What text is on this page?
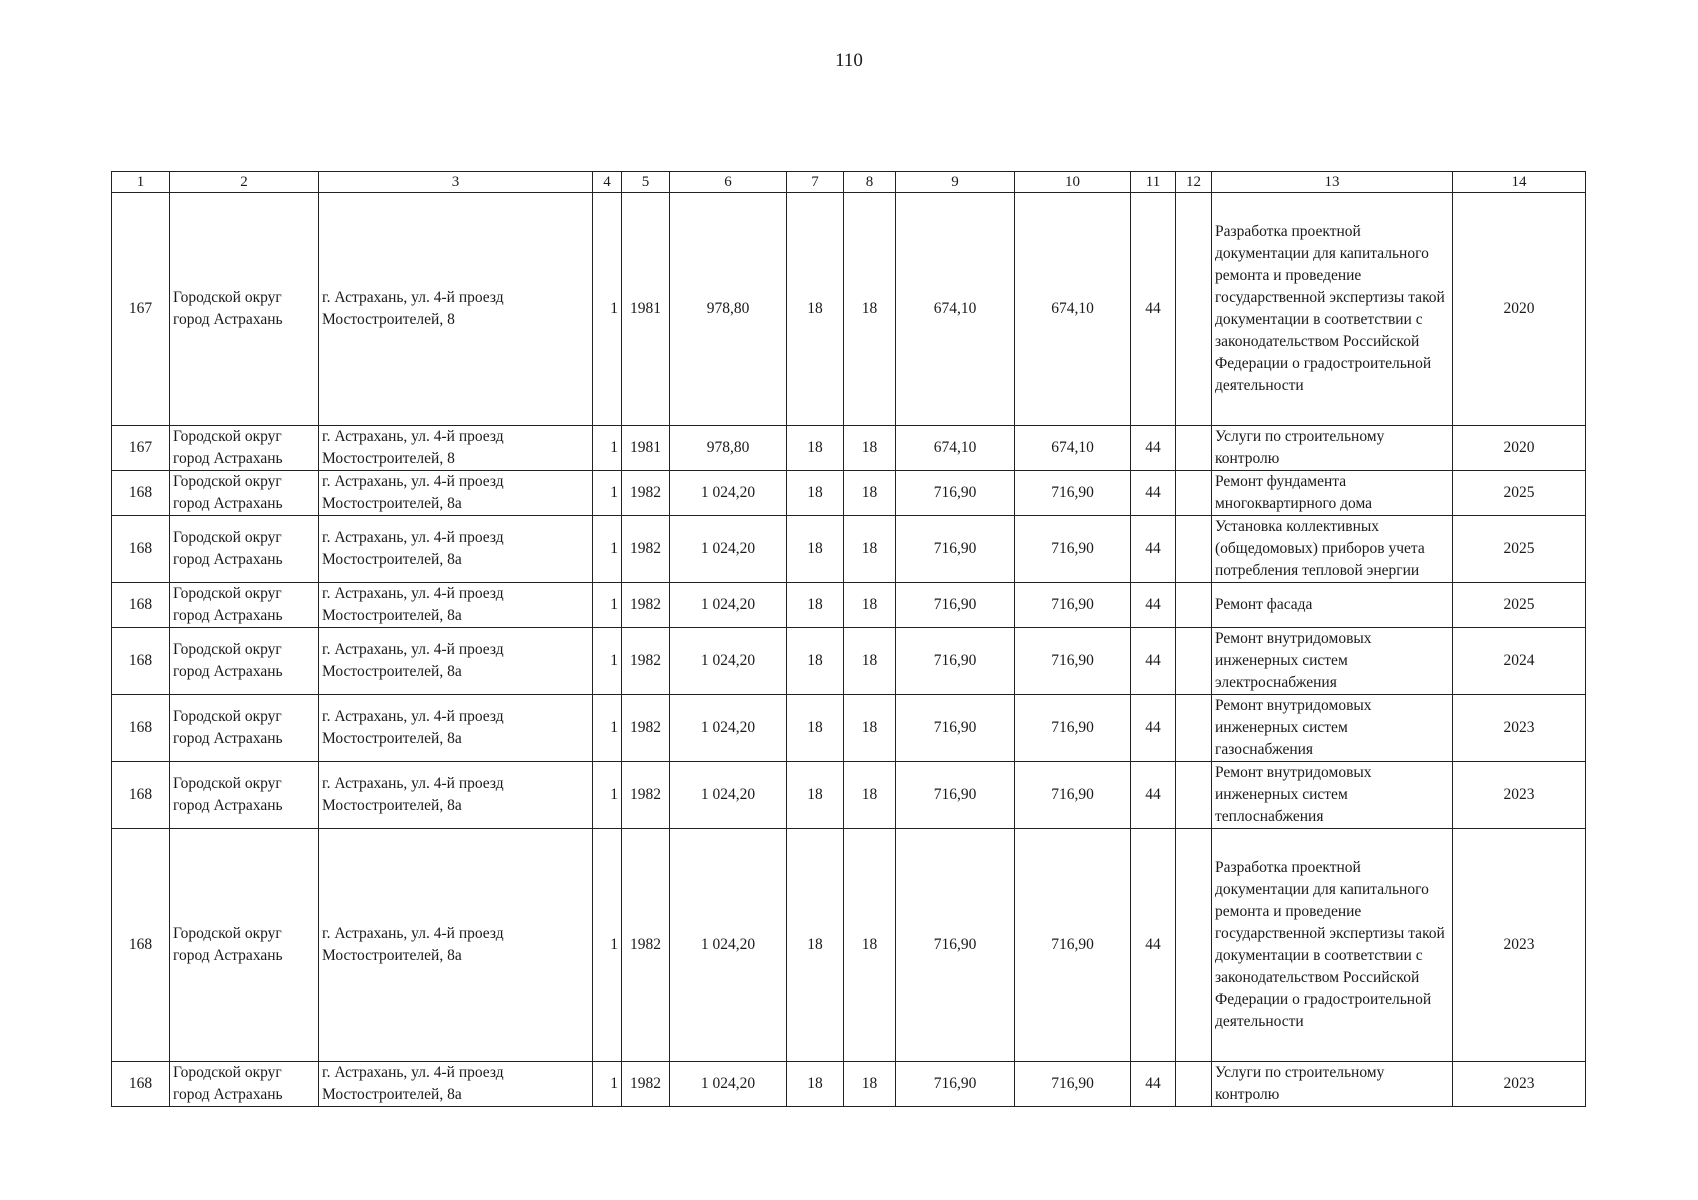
110
1	2	3	4	5	6	7	8	9	10	11	12	13	14
167	Городской округ город Астрахань	г. Астрахань, ул. 4-й проезд Мостостроителей, 8	1	1981	978,80	18	18	674,10	674,10	44		Разработка проектной документации для капитального ремонта и проведение государственной экспертизы такой документации в соответствии с законодательством Российской Федерации о градостроительной деятельности	2020
167	Городской округ город Астрахань	г. Астрахань, ул. 4-й проезд Мостостроителей, 8	1	1981	978,80	18	18	674,10	674,10	44		Услуги по строительному контролю	2020
168	Городской округ город Астрахань	г. Астрахань, ул. 4-й проезд Мостостроителей, 8а	1	1982	1 024,20	18	18	716,90	716,90	44		Ремонт фундамента многоквартирного дома	2025
168	Городской округ город Астрахань	г. Астрахань, ул. 4-й проезд Мостостроителей, 8а	1	1982	1 024,20	18	18	716,90	716,90	44		Установка коллективных (общедомовых) приборов учета потребления тепловой энергии	2025
168	Городской округ город Астрахань	г. Астрахань, ул. 4-й проезд Мостостроителей, 8а	1	1982	1 024,20	18	18	716,90	716,90	44		Ремонт фасада	2025
168	Городской округ город Астрахань	г. Астрахань, ул. 4-й проезд Мостостроителей, 8а	1	1982	1 024,20	18	18	716,90	716,90	44		Ремонт внутридомовых инженерных систем электроснабжения	2024
168	Городской округ город Астрахань	г. Астрахань, ул. 4-й проезд Мостостроителей, 8а	1	1982	1 024,20	18	18	716,90	716,90	44		Ремонт внутридомовых инженерных систем газоснабжения	2023
168	Городской округ город Астрахань	г. Астрахань, ул. 4-й проезд Мостостроителей, 8а	1	1982	1 024,20	18	18	716,90	716,90	44		Ремонт внутридомовых инженерных систем теплоснабжения	2023
168	Городской округ город Астрахань	г. Астрахань, ул. 4-й проезд Мостостроителей, 8а	1	1982	1 024,20	18	18	716,90	716,90	44		Разработка проектной документации для капитального ремонта и проведение государственной экспертизы такой документации в соответствии с законодательством Российской Федерации о градостроительной деятельности	2023
168	Городской округ город Астрахань	г. Астрахань, ул. 4-й проезд Мостостроителей, 8а	1	1982	1 024,20	18	18	716,90	716,90	44		Услуги по строительному контролю	2023
